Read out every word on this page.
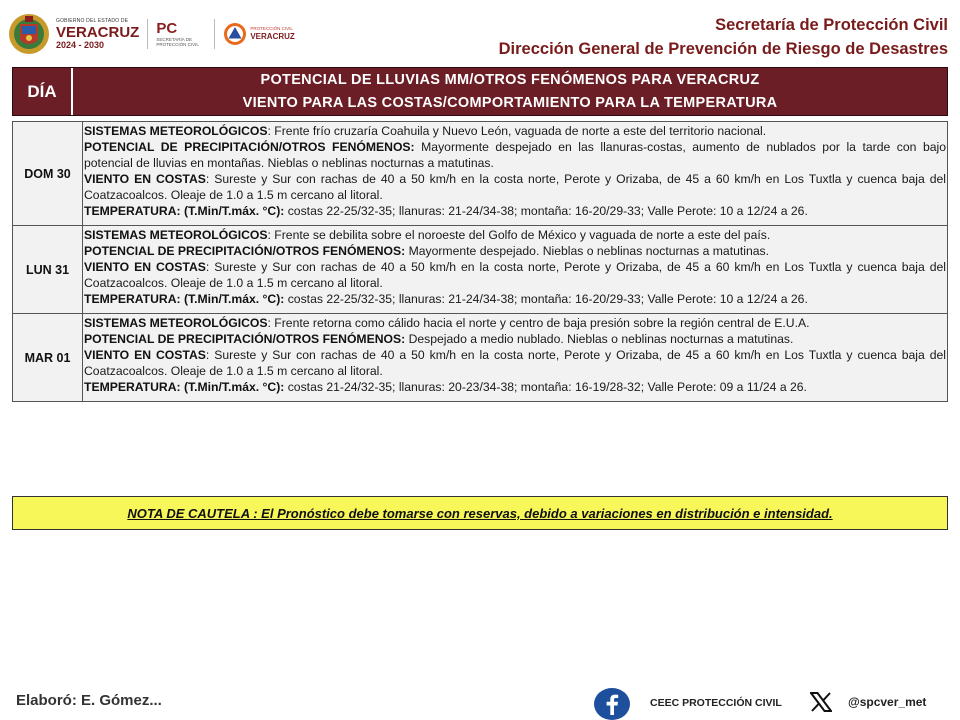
GOBIERNO DEL ESTADO DE
VERACRUZ
2024 - 2030
PC
SECRETARÍA DE PROTECCIÓN CIVIL
PROTECCIÓN CIVIL
VERACRUZ
Secretaría de Protección Civil
Dirección General de Prevención de Riesgo de Desastres
DÍA
POTENCIAL DE LLUVIAS MM/OTROS FENÓMENOS PARA VERACRUZ
VIENTO PARA LAS COSTAS/COMPORTAMIENTO PARA LA TEMPERATURA
DOM 30	SISTEMAS METEOROLÓGICOS: Frente frío cruzaría Coahuila y Nuevo León, vaguada de norte a este del territorio nacional.

POTENCIAL DE PRECIPITACIÓN/OTROS FENÓMENOS: Mayormente despejado en las llanuras-costas, aumento de nublados por la tarde con bajo potencial de lluvias en montañas. Nieblas o neblinas nocturnas a matutinas.

VIENTO EN COSTAS: Sureste y Sur con rachas de 40 a 50 km/h en la costa norte, Perote y Orizaba, de 45 a 60 km/h en Los Tuxtla y cuenca baja del Coatzacoalcos. Oleaje de 1.0 a 1.5 m cercano al litoral.

TEMPERATURA: (T.Min/T.máx. °C): costas 22-25/32-35; llanuras: 21-24/34-38; montaña: 16-20/29-33; Valle Perote: 10 a 12/24 a 26.

LUN 31	SISTEMAS METEOROLÓGICOS: Frente se debilita sobre el noroeste del Golfo de México y vaguada de norte a este del país.

POTENCIAL DE PRECIPITACIÓN/OTROS FENÓMENOS: Mayormente despejado. Nieblas o neblinas nocturnas a matutinas.

VIENTO EN COSTAS: Sureste y Sur con rachas de 40 a 50 km/h en la costa norte, Perote y Orizaba, de 45 a 60 km/h en Los Tuxtla y cuenca baja del Coatzacoalcos. Oleaje de 1.0 a 1.5 m cercano al litoral.

TEMPERATURA: (T.Min/T.máx. °C): costas 22-25/32-35; llanuras: 21-24/34-38; montaña: 16-20/29-33; Valle Perote: 10 a 12/24 a 26.

MAR 01	SISTEMAS METEOROLÓGICOS: Frente retorna como cálido hacia el norte y centro de baja presión sobre la región central de E.U.A.

POTENCIAL DE PRECIPITACIÓN/OTROS FENÓMENOS: Despejado a medio nublado. Nieblas o neblinas nocturnas a matutinas.

VIENTO EN COSTAS: Sureste y Sur con rachas de 40 a 50 km/h en la costa norte, Perote y Orizaba, de 45 a 60 km/h en Los Tuxtla y cuenca baja del Coatzacoalcos. Oleaje de 1.0 a 1.5 m cercano al litoral.

TEMPERATURA: (T.Min/T.máx. °C): costas 21-24/32-35; llanuras: 20-23/34-38; montaña: 16-19/28-32; Valle Perote: 09 a 11/24 a 26.

NOTA DE CAUTELA : El Pronóstico debe tomarse con reservas, debido a variaciones en distribución e intensidad.
Elaboró: E. Gómez...	CEEC PROTECCIÓN CIVIL	@spcver_met
